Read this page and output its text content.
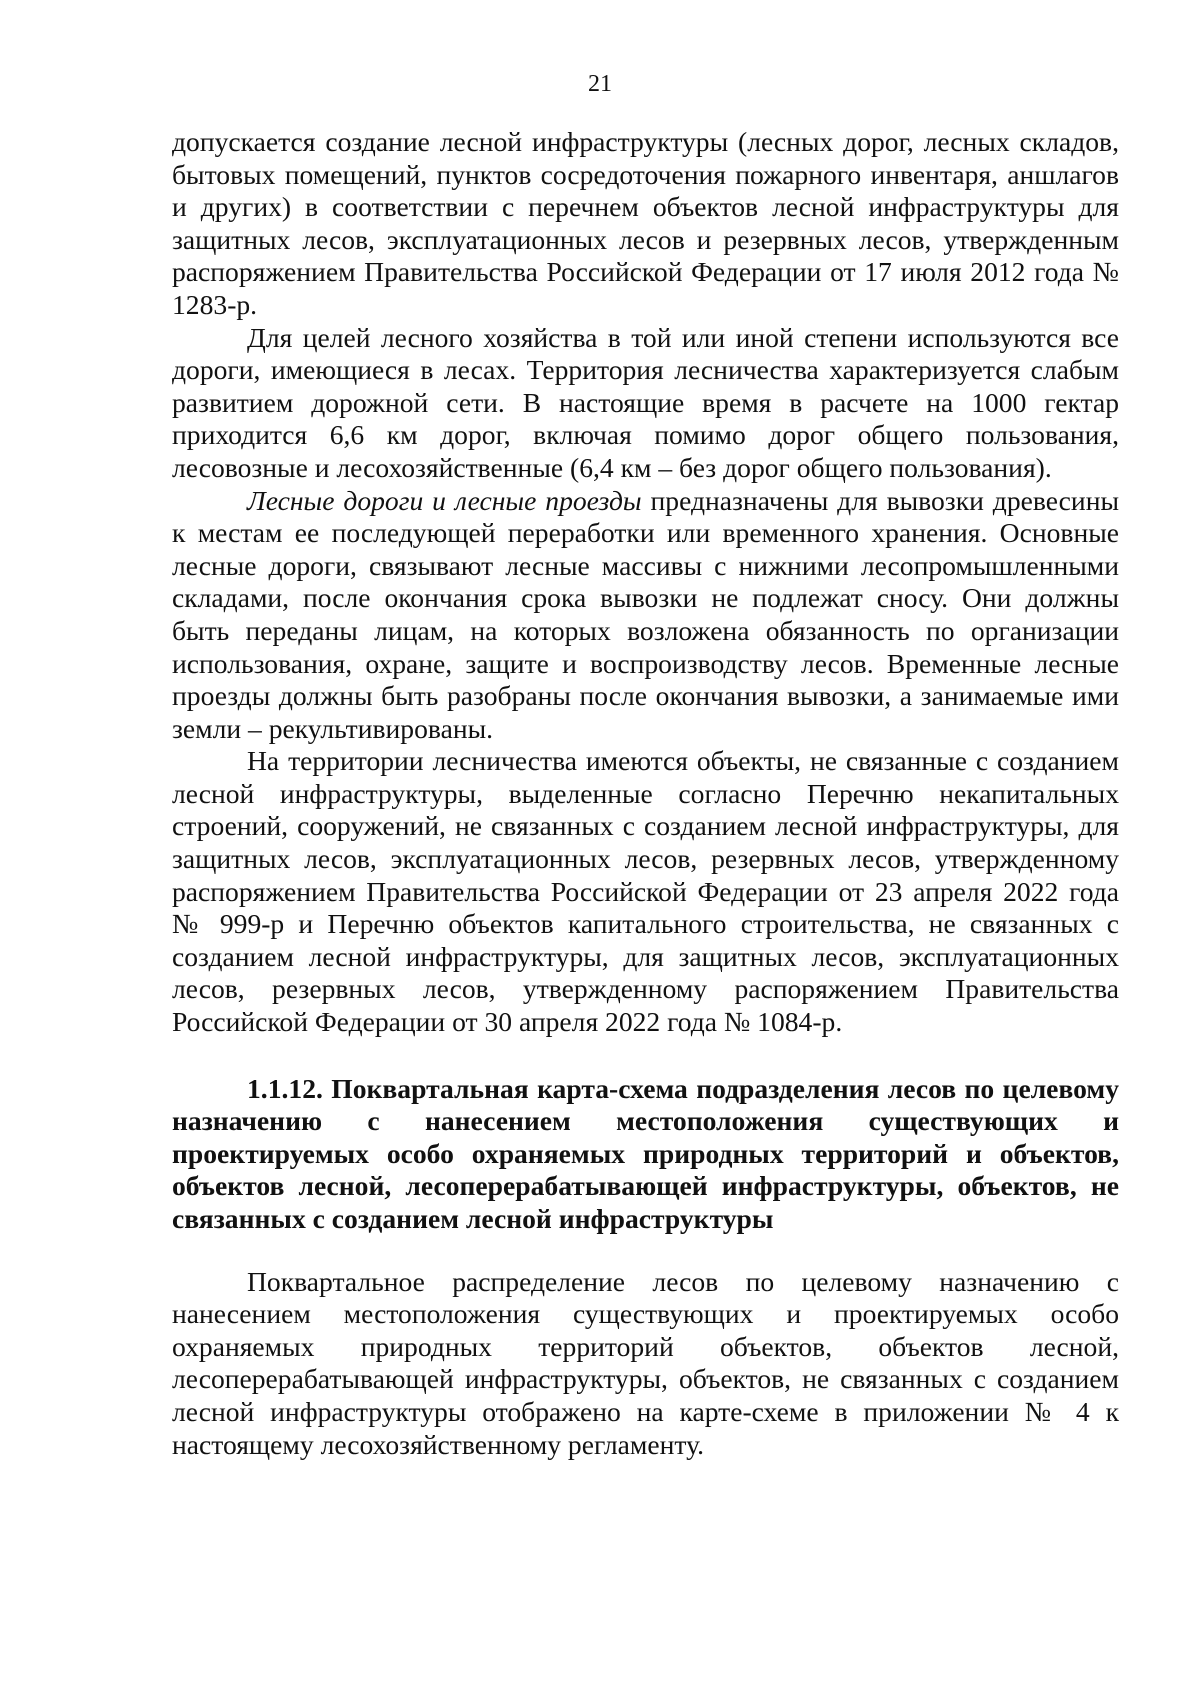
21

допускается создание лесной инфраструктуры (лесных дорог, лесных складов, бытовых помещений, пунктов сосредоточения пожарного инвентаря, аншлагов и других) в соответствии с перечнем объектов лесной инфраструктуры для защитных лесов, эксплуатационных лесов и резервных лесов, утвержденным распоряжением Правительства Российской Федерации от 17 июля 2012 года № 1283-р.

Для целей лесного хозяйства в той или иной степени используются все дороги, имеющиеся в лесах. Территория лесничества характеризуется слабым развитием дорожной сети. В настоящие время в расчете на 1000 гектар приходится 6,6 км дорог, включая помимо дорог общего пользования, лесовозные и лесохозяйственные (6,4 км – без дорог общего пользования).

Лесные дороги и лесные проезды предназначены для вывозки древесины к местам ее последующей переработки или временного хранения. Основные лесные дороги, связывают лесные массивы с нижними лесопромышленными складами, после окончания срока вывозки не подлежат сносу. Они должны быть переданы лицам, на которых возложена обязанность по организации использования, охране, защите и воспроизводству лесов. Временные лесные проезды должны быть разобраны после окончания вывозки, а занимаемые ими земли – рекультивированы.

На территории лесничества имеются объекты, не связанные с созданием лесной инфраструктуры, выделенные согласно Перечню некапитальных строений, сооружений, не связанных с созданием лесной инфраструктуры, для защитных лесов, эксплуатационных лесов, резервных лесов, утвержденному распоряжением Правительства Российской Федерации от 23 апреля 2022 года № 999-р и Перечню объектов капитального строительства, не связанных с созданием лесной инфраструктуры, для защитных лесов, эксплуатационных лесов, резервных лесов, утвержденному распоряжением Правительства Российской Федерации от 30 апреля 2022 года № 1084-р.

1.1.12. Поквартальная карта-схема подразделения лесов по целевому назначению с нанесением местоположения существующих и проектируемых особо охраняемых природных территорий и объектов, объектов лесной, лесоперерабатывающей инфраструктуры, объектов, не связанных с созданием лесной инфраструктуры

Поквартальное распределение лесов по целевому назначению с нанесением местоположения существующих и проектируемых особо охраняемых природных территорий объектов, объектов лесной, лесоперерабатывающей инфраструктуры, объектов, не связанных с созданием лесной инфраструктуры отображено на карте-схеме в приложении № 4 к настоящему лесохозяйственному регламенту.
